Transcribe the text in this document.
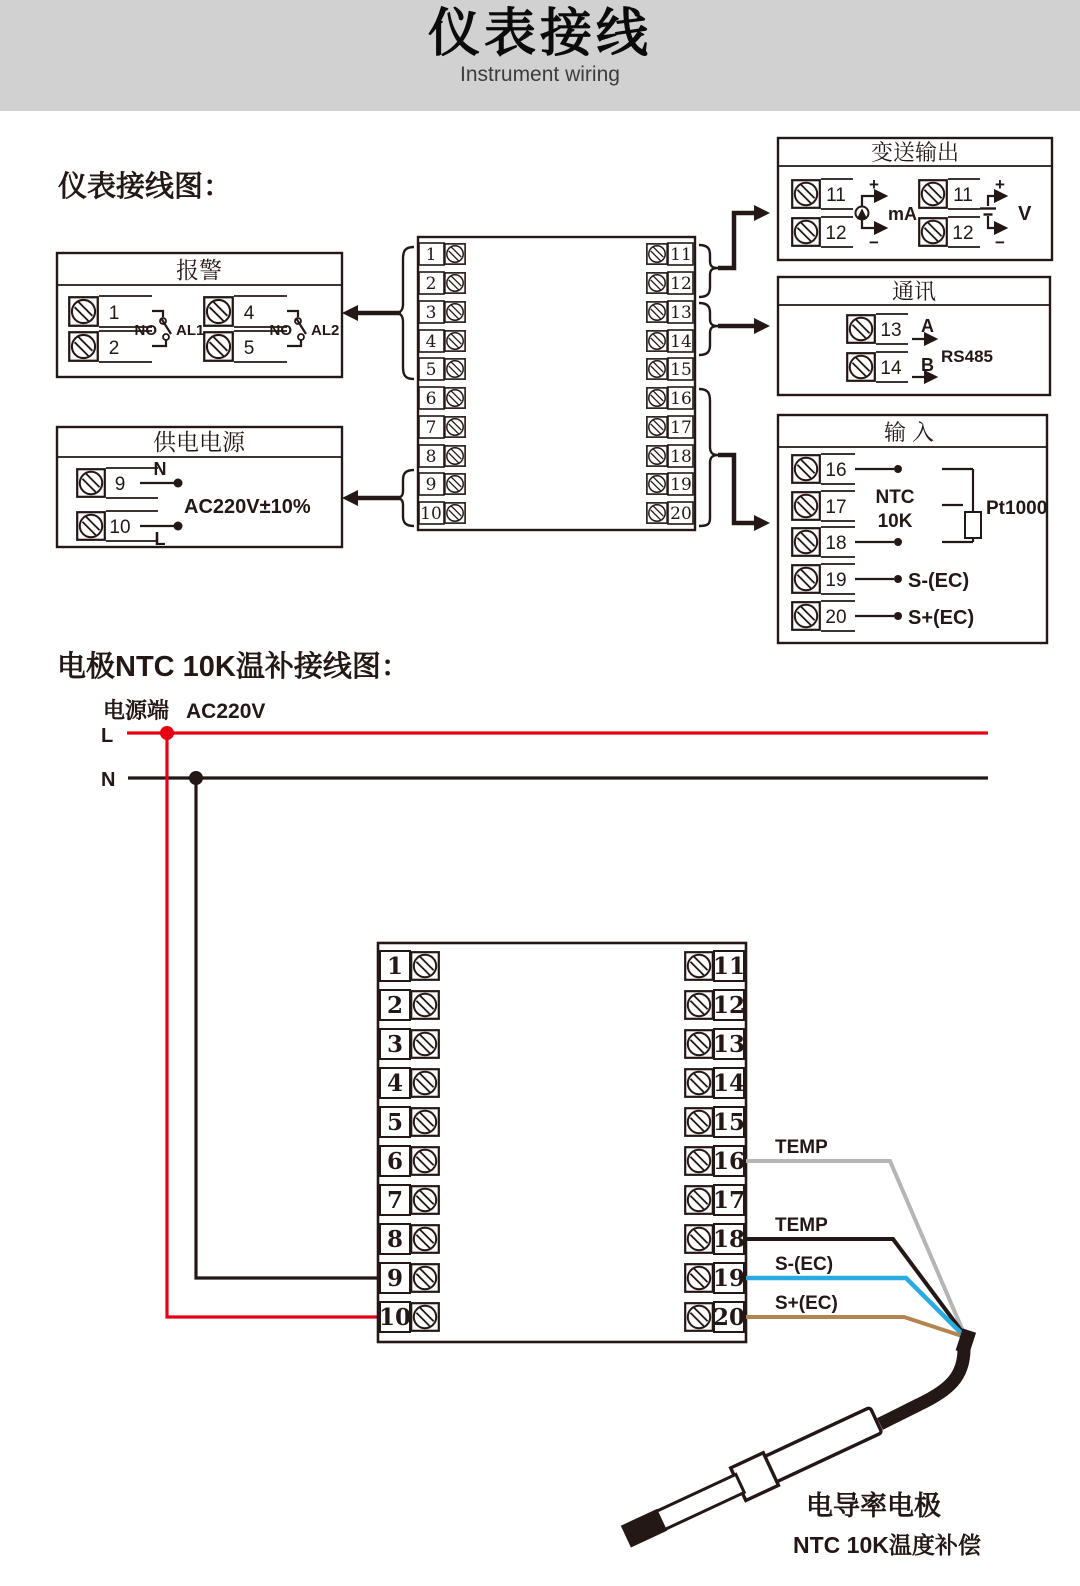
仪表接线
Instrument wiring
仪表接线图：
报警
1
2
NO AL1
4
5
NO AL2
供电电源
9
N
10
L
AC220V±10%
1
2
3
4
5
6
7
8
9
10
11
12
13
14
15
16
17
18
19
20
变送输出
11
12
+
−
mA
11
12
+
−
V
通讯
13 A
14 B RS485
输入
16
17
18
19
20
NTC
10K
Pt1000
S-(EC)
S+(EC)
电极NTC 10K温补接线图：
电源端 AC220V
L
N
1
2
3
4
5
6
7
8
9
10
11
12
13
14
15
16
17
18
19
20
TEMP
TEMP
S-(EC)
S+(EC)
电导率电极
NTC 10K温度补偿
